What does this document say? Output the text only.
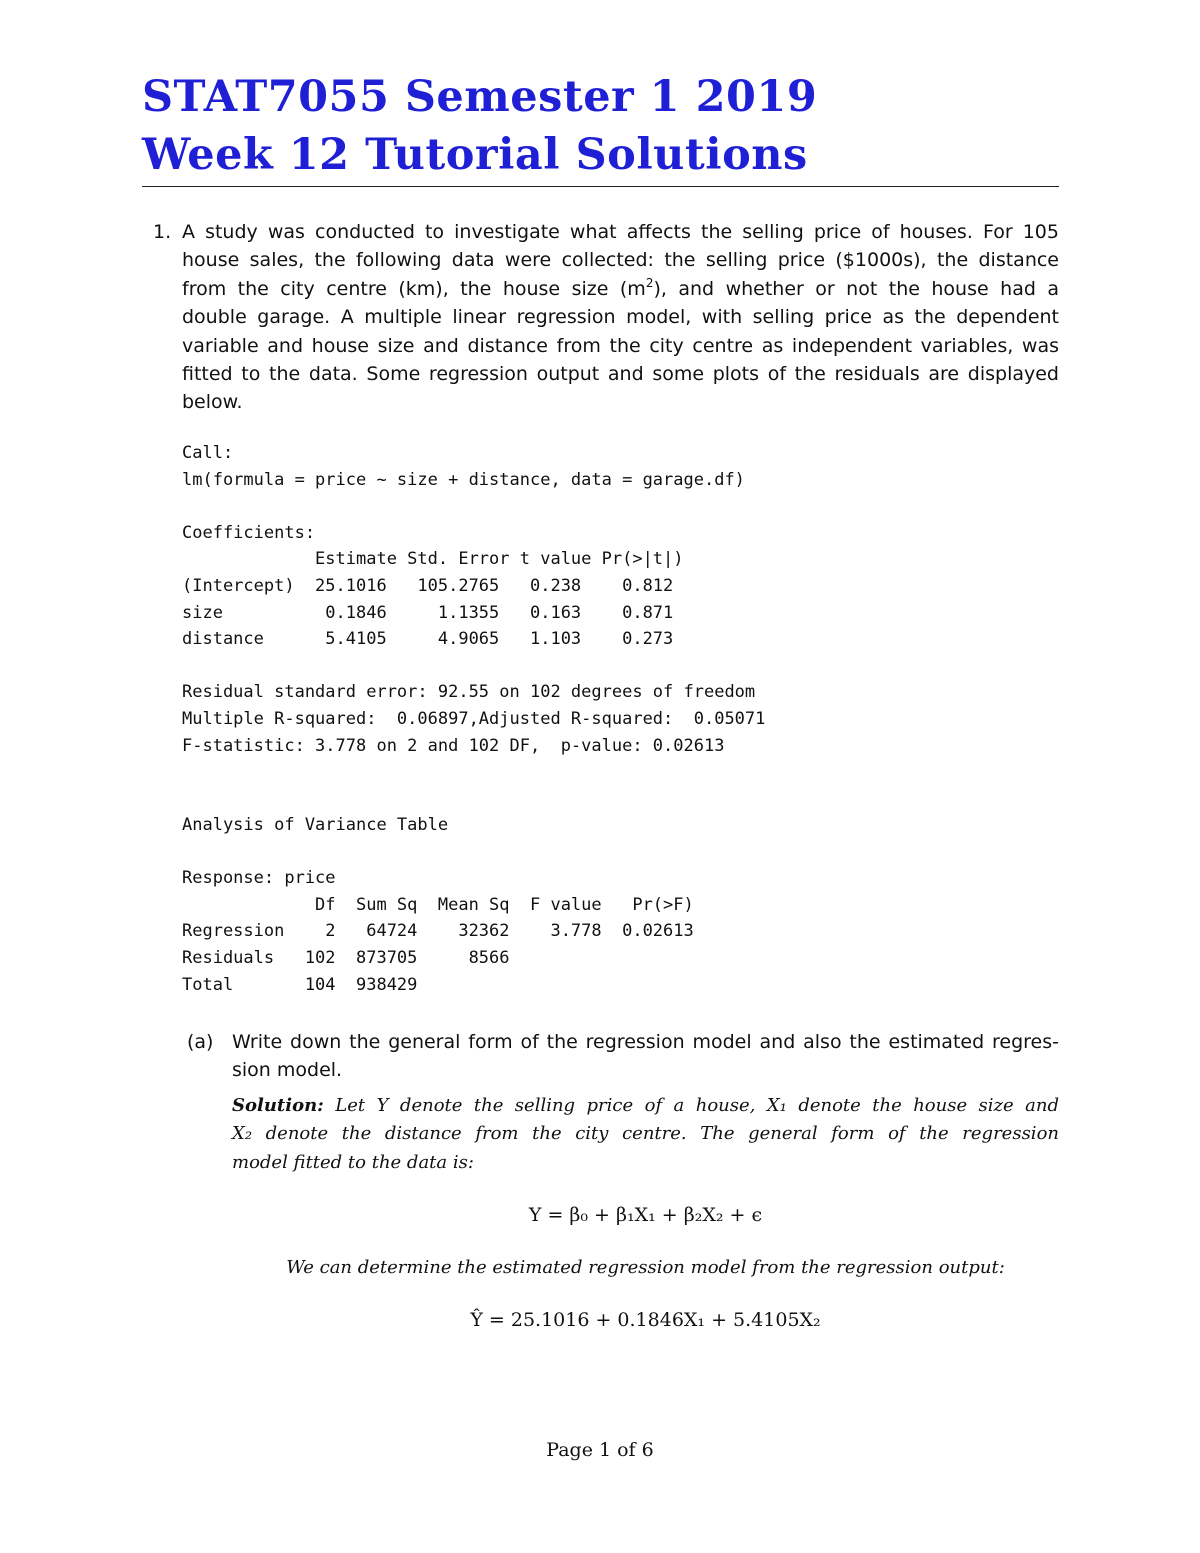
STAT7055 Semester 1 2019
Week 12 Tutorial Solutions
1. A study was conducted to investigate what affects the selling price of houses. For 105
house sales, the following data were collected: the selling price ($1000s), the distance
from the city centre (km), the house size $(m^2)$, and whether or not the house had a
double garage. A multiple linear regression model, with selling price as the dependent
variable and house size and distance from the city centre as independent variables, was
fitted to the data. Some regression output and some plots of the residuals are displayed
below.
Call:
lm(formula = price ~ size + distance, data = garage.df)

Coefficients:
Estimate Std. Error t value Pr(>|t|)
(Intercept)  25.1016   105.2765   0.238    0.812
size          0.1846     1.1355   0.163    0.871
distance      5.4105     4.9065   1.103    0.273

Residual standard error: 92.55 on 102 degrees of freedom
Multiple R-squared:  0.06897,Adjusted R-squared:  0.05071
F-statistic: 3.778 on 2 and 102 DF,  p-value: 0.02613
Analysis of Variance Table

Response: price
Df  Sum Sq  Mean Sq  F value   Pr(>F)
Regression    2   64724    32362    3.778  0.02613
Residuals   102  873705     8566
Total       104  938429
(a) Write down the general form of the regression model and also the estimated regres-
sion model.
Solution: Let Y denote the selling price of a house, X₁ denote the house size and
X₂ denote the distance from the city centre. The general form of the regression
model fitted to the data is:
Y = β₀ + β₁X₁ + β₂X₂ + ϵ
We can determine the estimated regression model from the regression output:
Ŷ = 25.1016 + 0.1846X₁ + 5.4105X₂
Page 1 of 6
